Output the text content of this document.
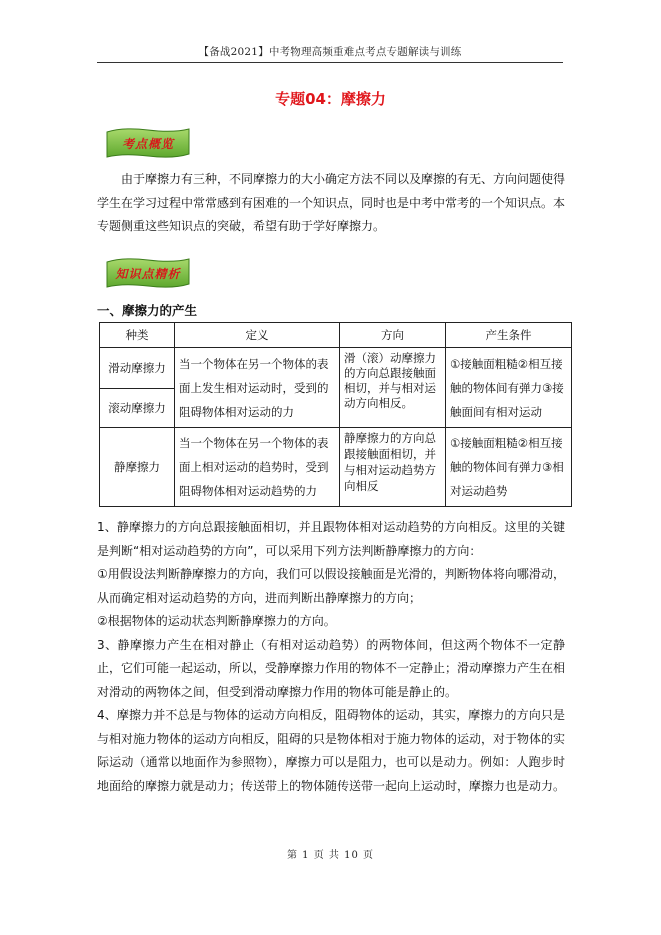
【备战2021】中考物理高频重难点考点专题解读与训练
专题04：摩擦力
考点概览
由于摩擦力有三种，不同摩擦力的大小确定方法不同以及摩擦的有无、方向问题使得学生在学习过程中常常感到有困难的一个知识点，同时也是中考中常考的一个知识点。本专题侧重这些知识点的突破，希望有助于学好摩擦力。
知识点精析
一、摩擦力的产生
种类	定义	方向	产生条件
滑动摩擦力	当一个物体在另一个物体的表面上发生相对运动时，受到的阻碍物体相对运动的力	滑（滚）动摩擦力的方向总跟接触面相切，并与相对运动方向相反。	①接触面粗糙②相互接触的物体间有弹力③接触面间有相对运动
滚动摩擦力			
静摩擦力	当一个物体在另一个物体的表面上相对运动的趋势时，受到阻碍物体相对运动趋势的力	静摩擦力的方向总跟接触面相切，并与相对运动趋势方向相反	①接触面粗糙②相互接触的物体间有弹力③相对运动趋势

1、静摩擦力的方向总跟接触面相切，并且跟物体相对运动趋势的方向相反。这里的关键是判断“相对运动趋势的方向”，可以采用下列方法判断静摩擦力的方向：

①用假设法判断静摩擦力的方向，我们可以假设接触面是光滑的，判断物体将向哪滑动，从而确定相对运动趋势的方向，进而判断出静摩擦力的方向；

②根据物体的运动状态判断静摩擦力的方向。

3、静摩擦力产生在相对静止（有相对运动趋势）的两物体间，但这两个物体不一定静止，它们可能一起运动，所以，受静摩擦力作用的物体不一定静止；滑动摩擦力产生在相对滑动的两物体之间，但受到滑动摩擦力作用的物体可能是静止的。

4、摩擦力并不总是与物体的运动方向相反，阻碍物体的运动，其实，摩擦力的方向只是与相对施力物体的运动方向相反，阻碍的只是物体相对于施力物体的运动，对于物体的实际运动（通常以地面作为参照物），摩擦力可以是阻力，也可以是动力。例如：人跑步时地面给的摩擦力就是动力；传送带上的物体随传送带一起向上运动时，摩擦力也是动力。

第 1 页 共 10 页
